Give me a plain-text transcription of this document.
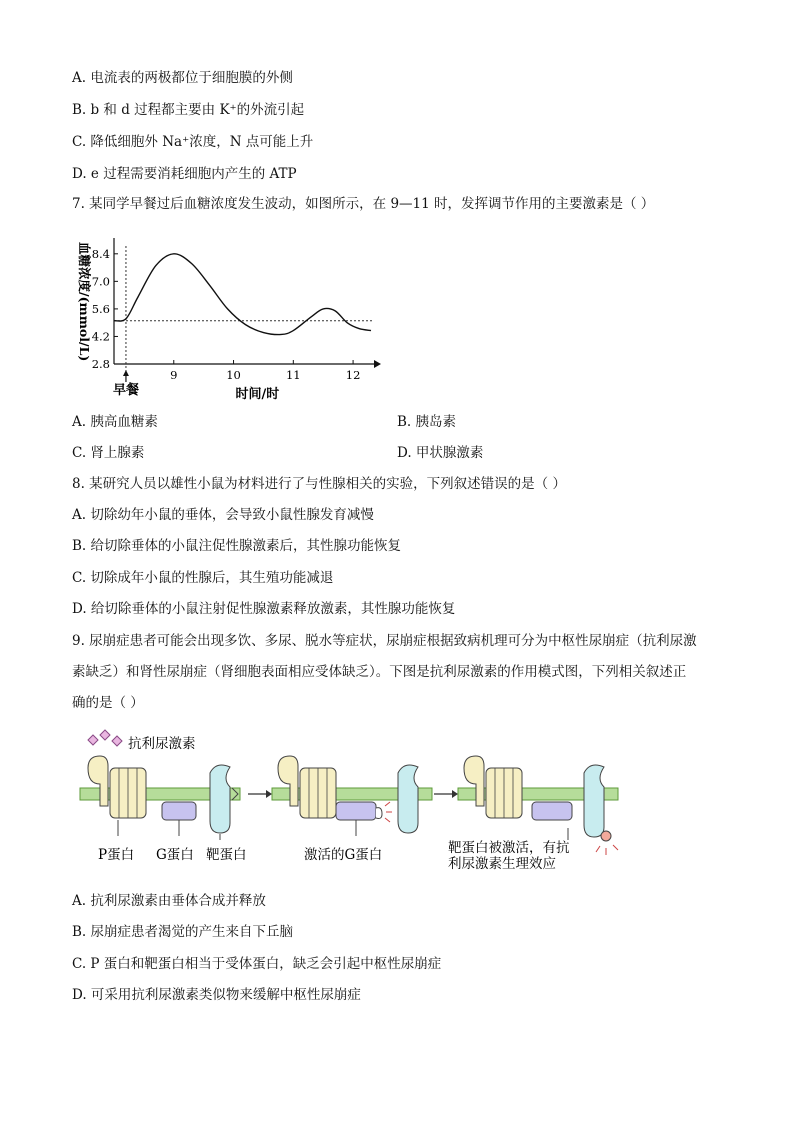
A. 电流表的两极都位于细胞膜的外侧
B. b 和 d 过程都主要由 K⁺的外流引起
C. 降低细胞外 Na⁺浓度，N 点可能上升
D. e 过程需要消耗细胞内产生的 ATP
7. 某同学早餐过后血糖浓度发生波动，如图所示，在 9—11 时，发挥调节作用的主要激素是（ ）
8.4
7.0
5.6
4.2
2.8
9	10	11	12
血糖浓度/(mmol/L)
时间/时
早餐
A. 胰高血糖素	B. 胰岛素
C. 肾上腺素	D. 甲状腺激素
8. 某研究人员以雄性小鼠为材料进行了与性腺相关的实验，下列叙述错误的是（ ）
A. 切除幼年小鼠的垂体，会导致小鼠性腺发育减慢
B. 给切除垂体的小鼠注促性腺激素后，其性腺功能恢复
C. 切除成年小鼠的性腺后，其生殖功能减退
D. 给切除垂体的小鼠注射促性腺激素释放激素，其性腺功能恢复
9. 尿崩症患者可能会出现多饮、多尿、脱水等症状，尿崩症根据致病机理可分为中枢性尿崩症（抗利尿激
素缺乏）和肾性尿崩症（肾细胞表面相应受体缺乏）。下图是抗利尿激素的作用模式图，下列相关叙述正
确的是（ ）
抗利尿激素
P蛋白 G蛋白 靶蛋白	激活的G蛋白	靶蛋白被激活，有抗
利尿激素生理效应
A. 抗利尿激素由垂体合成并释放
B. 尿崩症患者渴觉的产生来自下丘脑
C. P 蛋白和靶蛋白相当于受体蛋白，缺乏会引起中枢性尿崩症
D. 可采用抗利尿激素类似物来缓解中枢性尿崩症
